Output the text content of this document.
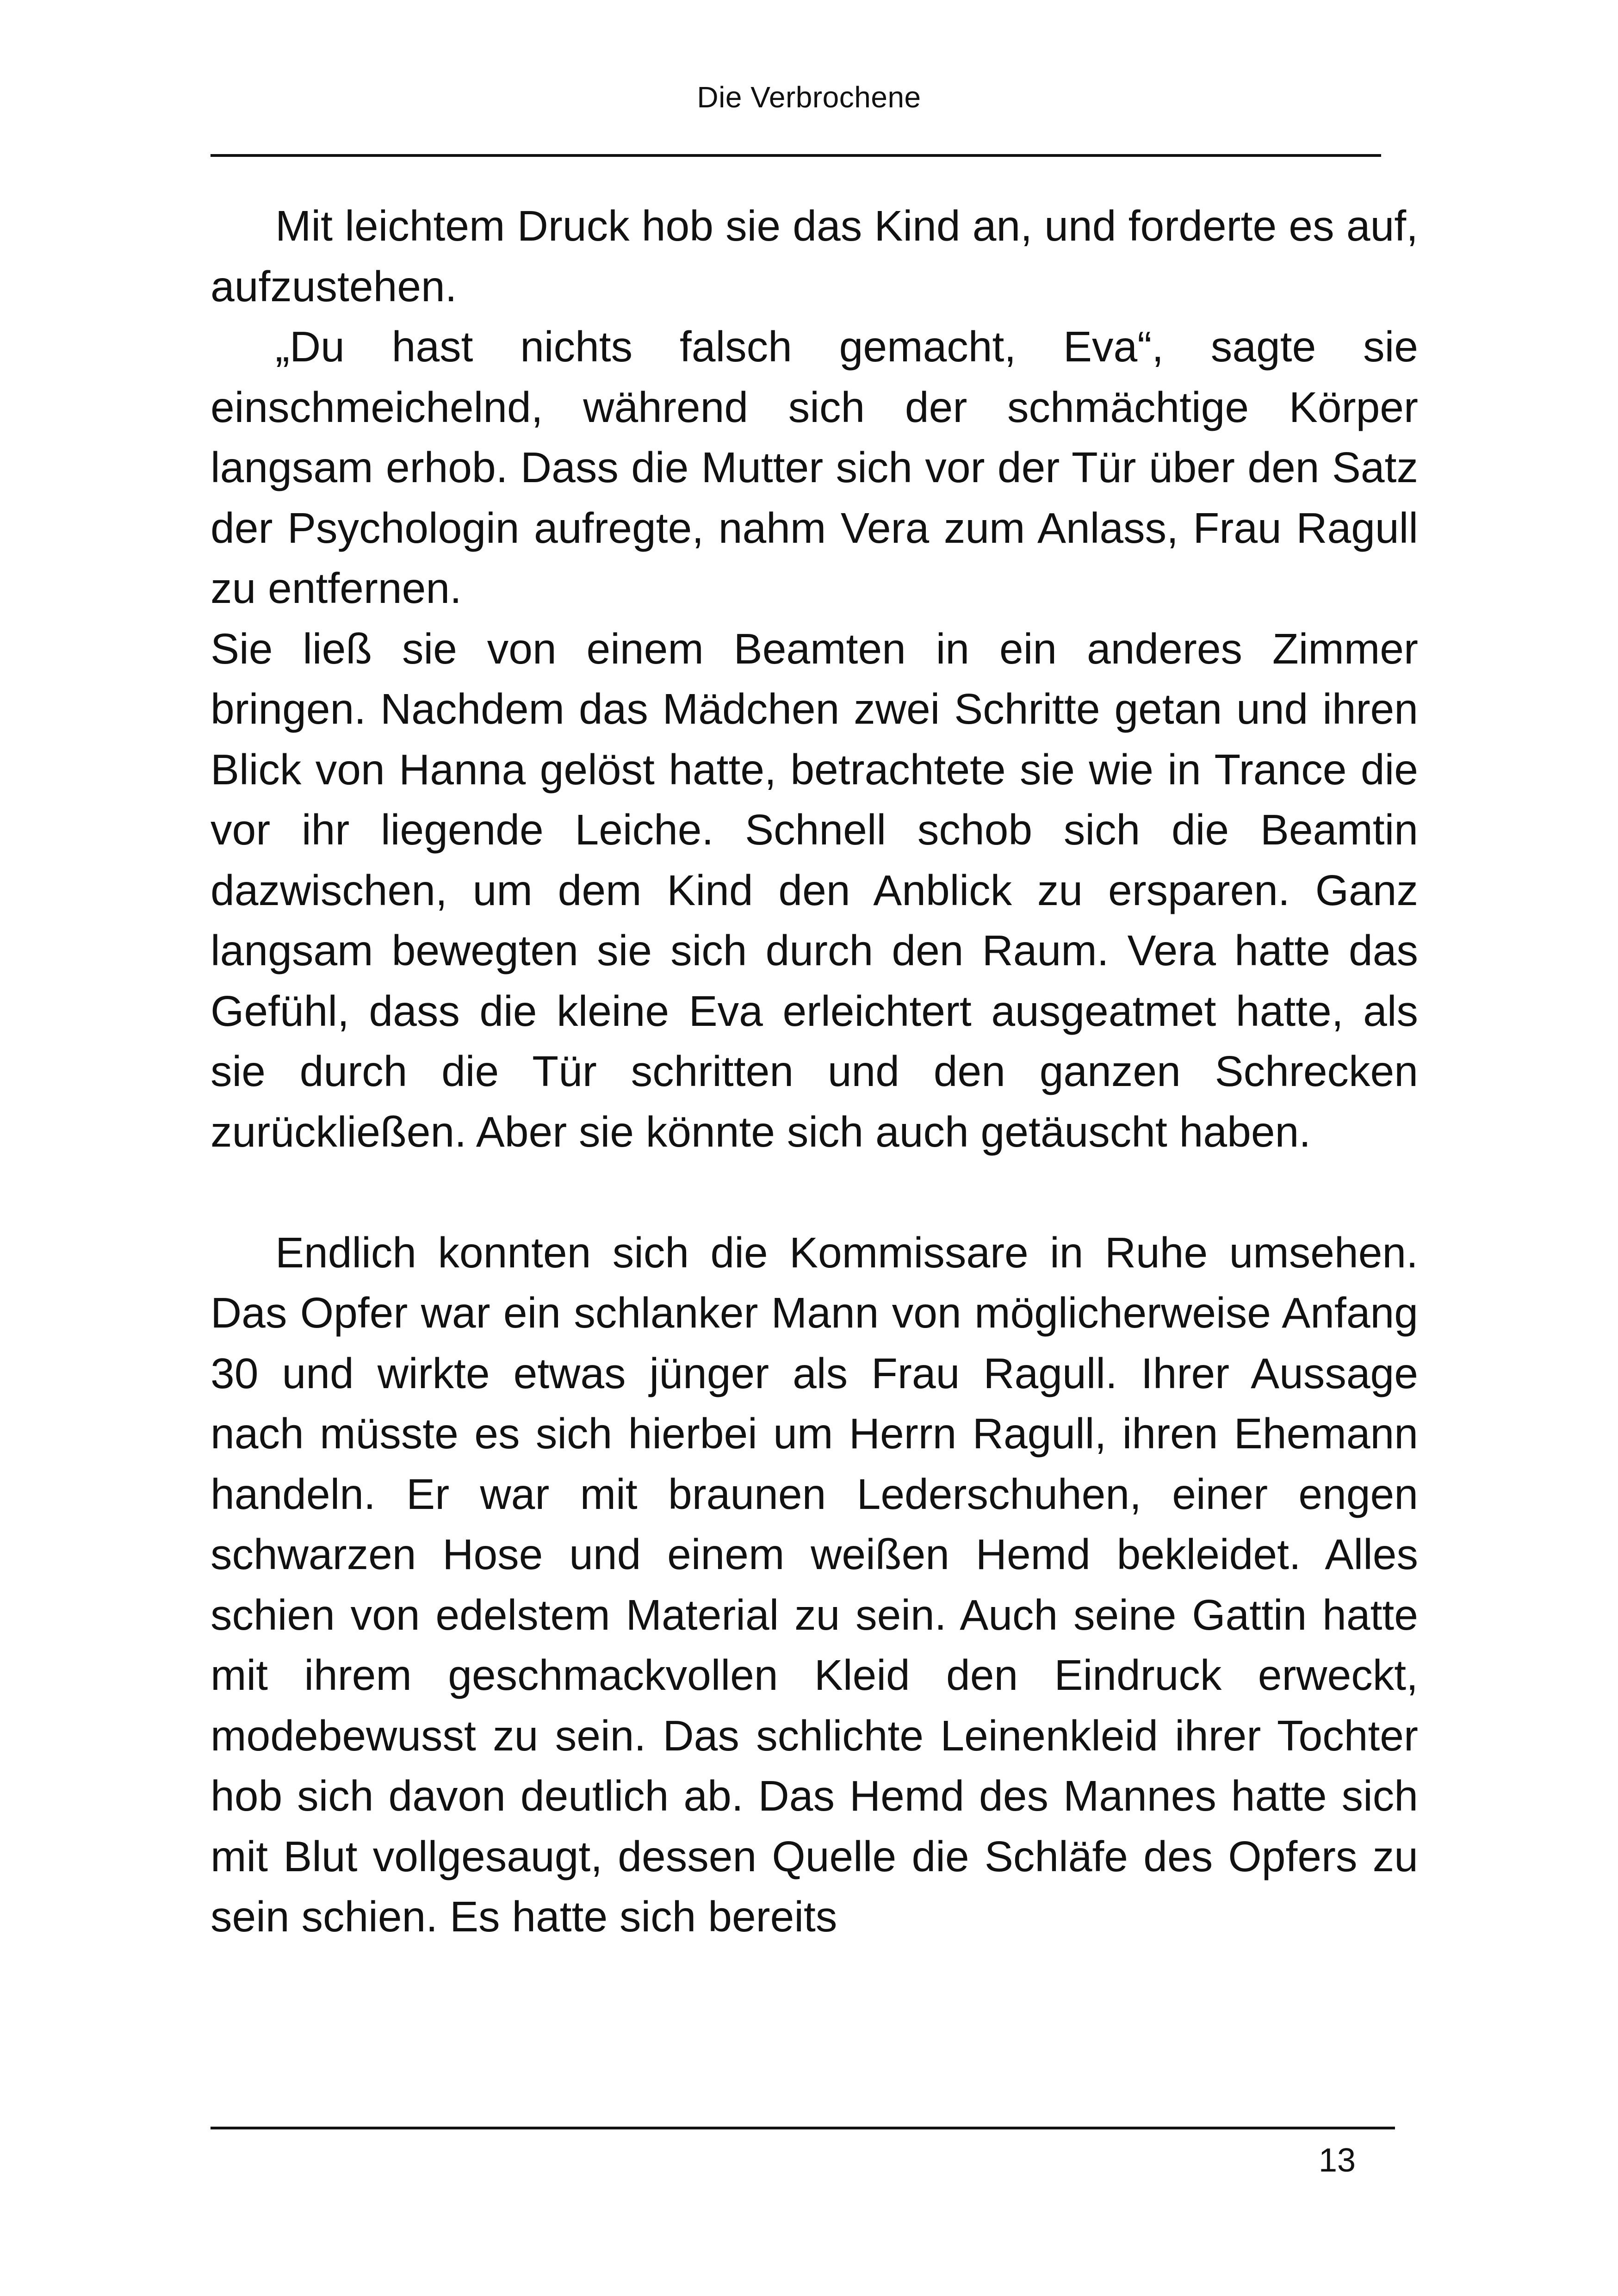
Die Verbrochene

Mit leichtem Druck hob sie das Kind an, und forderte es auf, aufzustehen.

„Du hast nichts falsch gemacht, Eva“, sagte sie einschmeichelnd, während sich der schmächtige Körper langsam erhob. Dass die Mutter sich vor der Tür über den Satz der Psychologin aufregte, nahm Vera zum Anlass, Frau Ragull zu entfernen.

Sie ließ sie von einem Beamten in ein anderes Zimmer bringen. Nachdem das Mädchen zwei Schritte getan und ihren Blick von Hanna gelöst hatte, betrachtete sie wie in Trance die vor ihr liegende Leiche. Schnell schob sich die Beamtin dazwischen, um dem Kind den Anblick zu ersparen. Ganz langsam bewegten sie sich durch den Raum. Vera hatte das Gefühl, dass die kleine Eva erleichtert ausgeatmet hatte, als sie durch die Tür schritten und den ganzen Schrecken zurückließen. Aber sie könnte sich auch getäuscht haben.

Endlich konnten sich die Kommissare in Ruhe umsehen. Das Opfer war ein schlanker Mann von möglicherweise Anfang 30 und wirkte etwas jünger als Frau Ragull. Ihrer Aussage nach müsste es sich hierbei um Herrn Ragull, ihren Ehemann handeln. Er war mit braunen Lederschuhen, einer engen schwarzen Hose und einem weißen Hemd bekleidet. Alles schien von edelstem Material zu sein. Auch seine Gattin hatte mit ihrem geschmackvollen Kleid den Eindruck erweckt, modebewusst zu sein. Das schlichte Leinenkleid ihrer Tochter hob sich davon deutlich ab. Das Hemd des Mannes hatte sich mit Blut vollgesaugt, dessen Quelle die Schläfe des Opfers zu sein schien. Es hatte sich bereits

13
